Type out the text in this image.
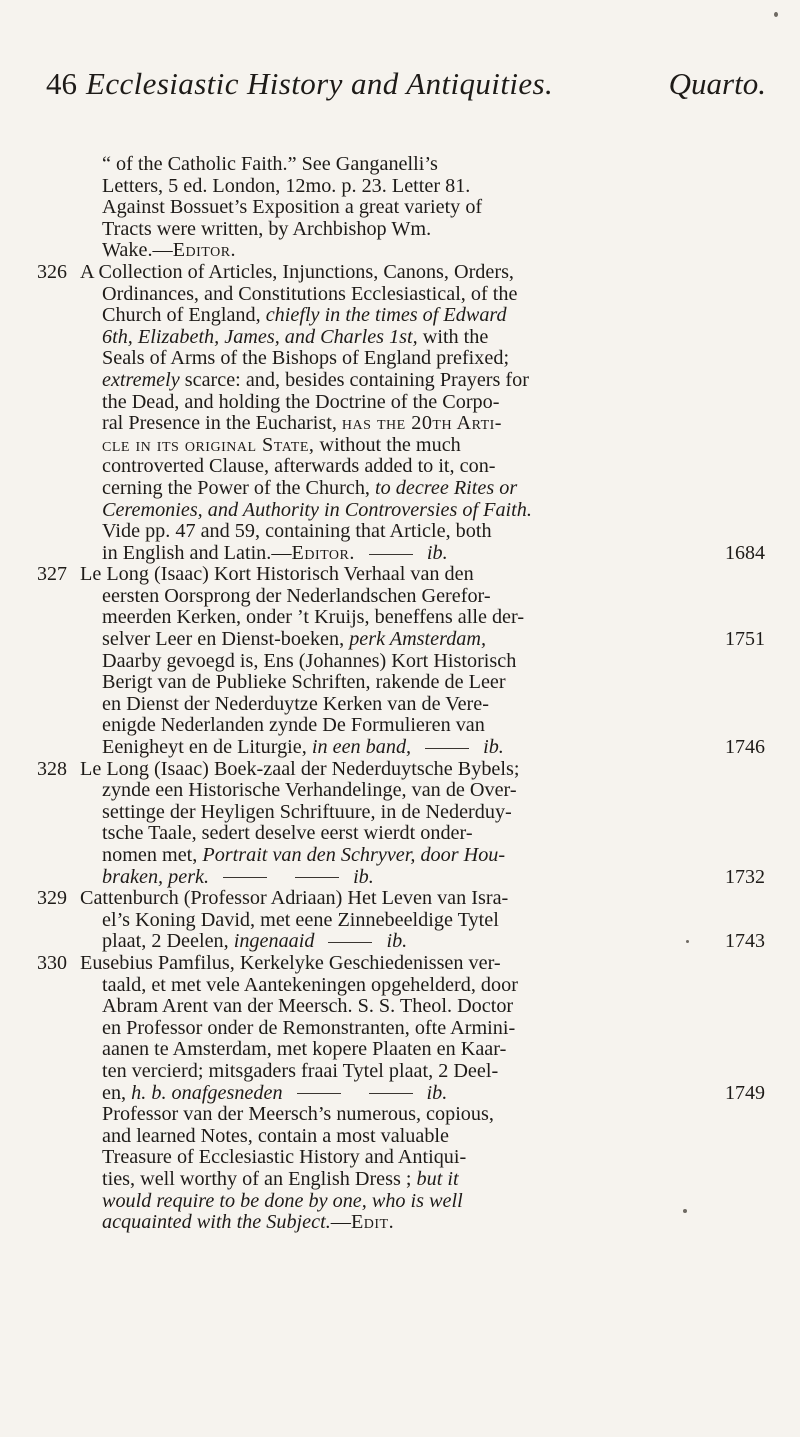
46 Ecclesiastic History and Antiquities.	Quarto.
“ of the Catholic Faith.” See Ganganelli’s
Letters, 5 ed. London, 12mo. p. 23. Letter 81.
Against Bossuet’s Exposition a great variety of
Tracts were written, by Archbishop Wm.
Wake.—Editor.
326 A Collection of Articles, Injunctions, Canons, Orders,
Ordinances, and Constitutions Ecclesiastical, of the
Church of England, chiefly in the times of Edward
6th, Elizabeth, James, and Charles 1st, with the
Seals of Arms of the Bishops of England prefixed;
extremely scarce: and, besides containing Prayers for
the Dead, and holding the Doctrine of the Corpo-
ral Presence in the Eucharist, has the 20th Arti-
cle in its original State, without the much
controverted Clause, afterwards added to it, con-
cerning the Power of the Church, to decree Rites or
Ceremonies, and Authority in Controversies of Faith.
Vide pp. 47 and 59, containing that Article, both
in English and Latin.—Editor.	ib.	1684
327 Le Long (Isaac) Kort Historisch Verhaal van den
eersten Oorsprong der Nederlandschen Gerefor-
meerden Kerken, onder ’t Kruijs, beneffens alle der-
selver Leer en Dienst-boeken, perk Amsterdam,	1751
Daarby gevoegd is, Ens (Johannes) Kort Historisch
Berigt van de Publieke Schriften, rakende de Leer
en Dienst der Nederduytze Kerken van de Vere-
enigde Nederlanden zynde De Formulieren van
Eenigheyt en de Liturgie, in een band,	ib.	1746
328 Le Long (Isaac) Boek-zaal der Nederduytsche Bybels;
zynde een Historische Verhandelinge, van de Over-
settinge der Heyligen Schriftuure, in de Nederduy-
tsche Taale, sedert deselve eerst wierdt onder-
nomen met, Portrait van den Schryver, door Hou-
braken, perk.	ib.	1732
329 Cattenburch (Professor Adriaan) Het Leven van Isra-
el’s Koning David, met eene Zinnebeeldige Tytel
plaat, 2 Deelen, ingenaaid	ib.	1743
330 Eusebius Pamfilus, Kerkelyke Geschiedenissen ver-
taald, et met vele Aantekeningen opgehelderd, door
Abram Arent van der Meersch. S. S. Theol. Doctor
en Professor onder de Remonstranten, ofte Armini-
aanen te Amsterdam, met kopere Plaaten en Kaar-
ten vercierd; mitsgaders fraai Tytel plaat, 2 Deel-
en, h. b. onafgesneden	ib.	1749
Professor van der Meersch’s numerous, copious,
and learned Notes, contain a most valuable
Treasure of Ecclesiastic History and Antiqui-
ties, well worthy of an English Dress ; but it
would require to be done by one, who is well
acquainted with the Subject.—Edit.
